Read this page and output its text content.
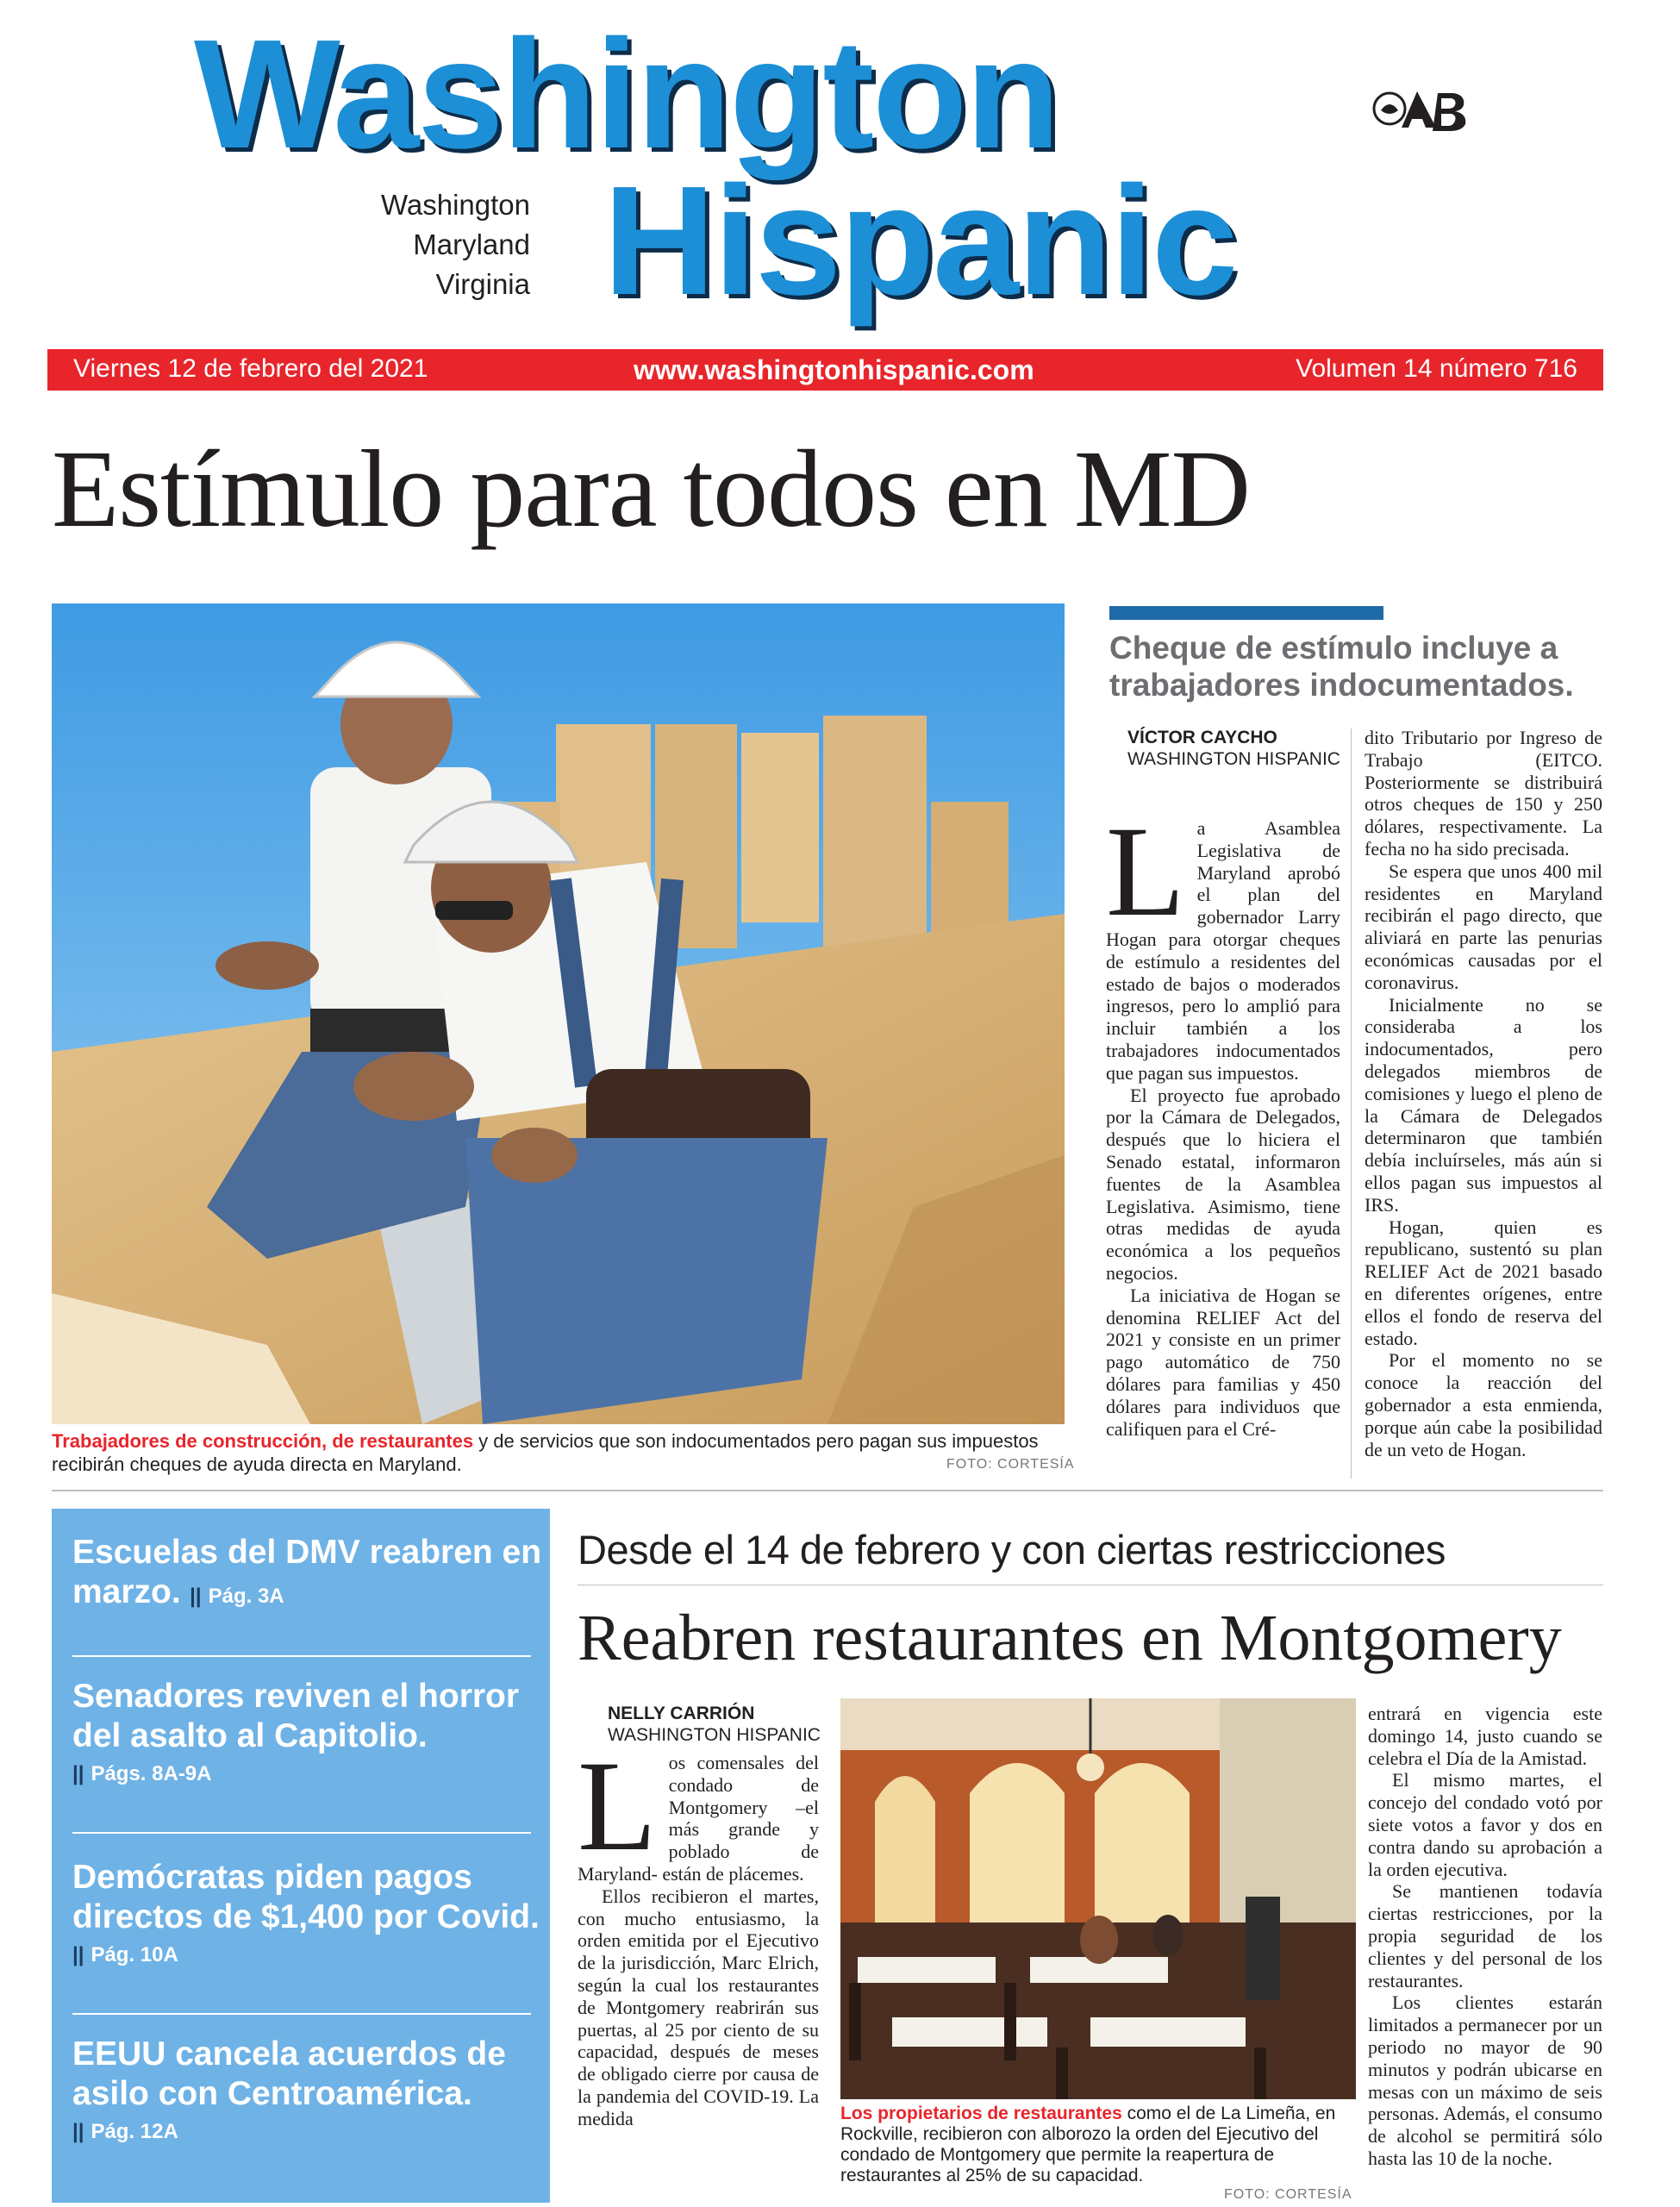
Washington
Washington
Maryland
Virginia Hispanic
Viernes 12 de febrero del 2021	www.washingtonhispanic.com	Volumen 14 número 716
Estímulo para todos en MD
Trabajadores de construcción, de restaurantes y de servicios que son indocumentados pero pagan sus impuestos recibirán cheques de ayuda directa en Maryland.	FOTO: CORTESÍA
Cheque de estímulo incluye a trabajadores indocumentados.
VÍCTOR CAYCHO
WASHINGTON HISPANIC

La Asamblea Legislativa de Maryland aprobó el plan del gobernador Larry Hogan para otorgar cheques de estímulo a residentes del estado de bajos o moderados ingresos, pero lo amplió para incluir también a los trabajadores indocumentados que pagan sus impuestos.

El proyecto fue aprobado por la Cámara de Delegados, después que lo hiciera el Senado estatal, informaron fuentes de la Asamblea Legislativa. Asimismo, tiene otras medidas de ayuda económica a los pequeños negocios.

La iniciativa de Hogan se denomina RELIEF Act del 2021 y consiste en un primer pago automático de 750 dólares para familias y 450 dólares para individuos que califiquen para el Cré-

dito Tributario por Ingreso de Trabajo (EITCO. Posteriormente se distribuirá otros cheques de 150 y 250 dólares, respectivamente. La fecha no ha sido precisada.

Se espera que unos 400 mil residentes en Maryland recibirán el pago directo, que aliviará en parte las penurias económicas causadas por el coronavirus.

Inicialmente no se consideraba a los indocumentados, pero delegados miembros de comisiones y luego el pleno de la Cámara de Delegados determinaron que también debía incluírseles, más aún si ellos pagan sus impuestos al IRS.

Hogan, quien es republicano, sustentó su plan RELIEF Act de 2021 basado en diferentes orígenes, entre ellos el fondo de reserva del estado.

Por el momento no se conoce la reacción del gobernador a esta enmienda, porque aún cabe la posibilidad de un veto de Hogan.

Escuelas del DMV reabren en marzo. || Pág. 3A
Senadores reviven el horror del asalto al Capitolio.
|| Págs. 8A-9A
Demócratas piden pagos directos de $1,400 por Covid.
|| Pág. 10A
EEUU cancela acuerdos de asilo con Centroamérica.
|| Pág. 12A
Desde el 14 de febrero y con ciertas restricciones
Reabren restaurantes en Montgomery
NELLY CARRIÓN
WASHINGTON HISPANIC

Los comensales del condado de Montgomery –el más grande y poblado de Maryland- están de plácemes.

Ellos recibieron el martes, con mucho entusiasmo, la orden emitida por el Ejecutivo de la jurisdicción, Marc Elrich, según la cual los restaurantes de Montgomery reabrirán sus puertas, al 25 por ciento de su capacidad, después de meses de obligado cierre por causa de la pandemia del COVID-19. La medida	Los propietarios de restaurantes como el de La Limeña, en Rockville, recibieron con alborozo la orden del Ejecutivo del condado de Montgomery que permite la reapertura de restaurantes al 25% de su capacidad.
FOTO: CORTESÍA

entrará en vigencia este domingo 14, justo cuando se celebra el Día de la Amistad.

El mismo martes, el concejo del condado votó por siete votos a favor y dos en contra dando su aprobación a la orden ejecutiva.

Se mantienen todavía ciertas restricciones, por la propia seguridad de los clientes y del personal de los restaurantes.

Los clientes estarán limitados a permanecer por un periodo no mayor de 90 minutos y podrán ubicarse en mesas con un máximo de seis personas. Además, el consumo de alcohol se permitirá sólo hasta las 10 de la noche.
